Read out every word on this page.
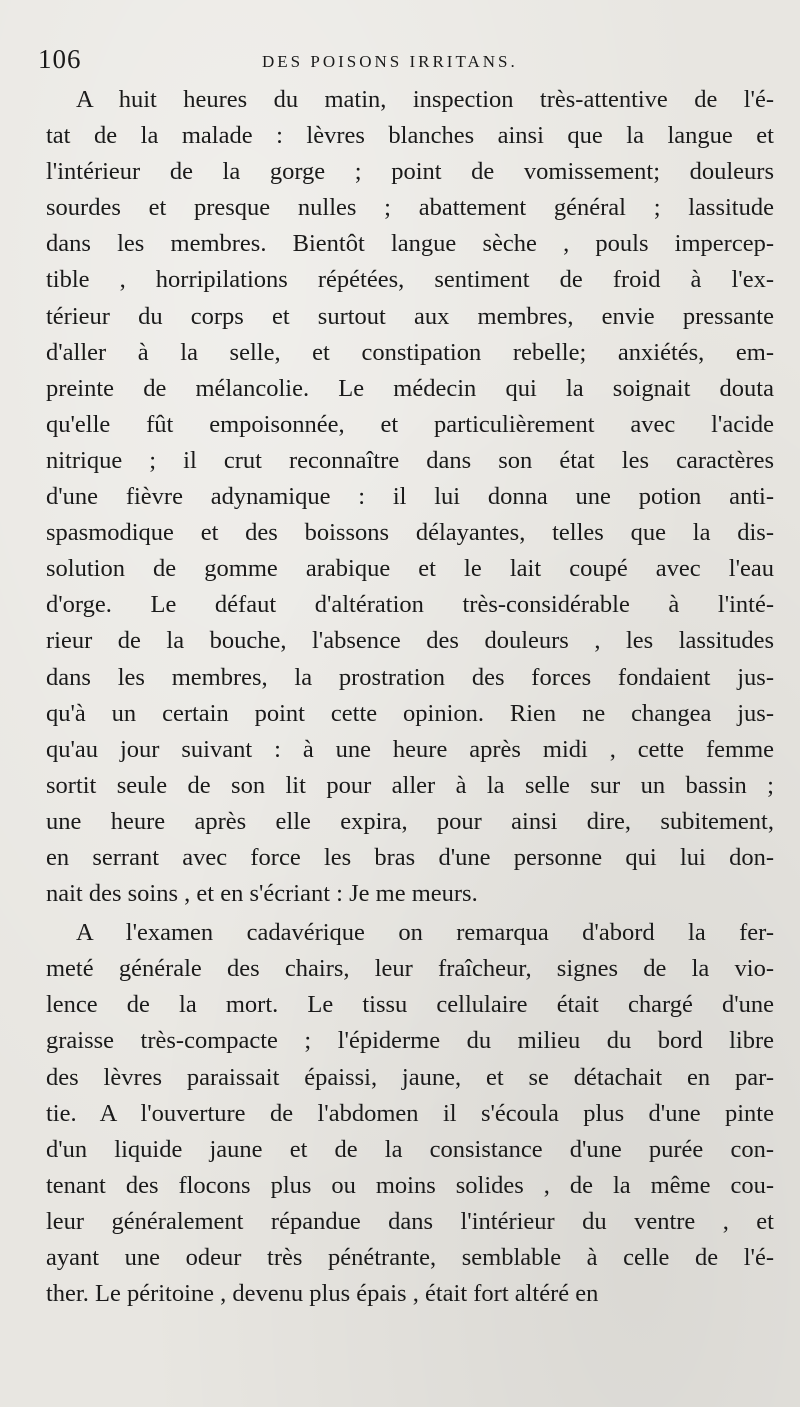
106	DES POISONS IRRITANS.
A huit heures du matin, inspection très-attentive de l'é-
tat de la malade : lèvres blanches ainsi que la langue et
l'intérieur de la gorge ; point de vomissement; douleurs
sourdes et presque nulles ; abattement général ; lassitude
dans les membres. Bientôt langue sèche , pouls impercep-
tible , horripilations répétées, sentiment de froid à l'ex-
térieur du corps et surtout aux membres, envie pressante
d'aller à la selle, et constipation rebelle; anxiétés, em-
preinte de mélancolie. Le médecin qui la soignait douta
qu'elle fût empoisonnée, et particulièrement avec l'acide
nitrique ; il crut reconnaître dans son état les caractères
d'une fièvre adynamique : il lui donna une potion anti-
spasmodique et des boissons délayantes, telles que la dis-
solution de gomme arabique et le lait coupé avec l'eau
d'orge. Le défaut d'altération très-considérable à l'inté-
rieur de la bouche, l'absence des douleurs , les lassitudes
dans les membres, la prostration des forces fondaient jus-
qu'à un certain point cette opinion. Rien ne changea jus-
qu'au jour suivant : à une heure après midi , cette femme
sortit seule de son lit pour aller à la selle sur un bassin ;
une heure après elle expira, pour ainsi dire, subitement,
en serrant avec force les bras d'une personne qui lui don-
nait des soins , et en s'écriant : Je me meurs.
A l'examen cadavérique on remarqua d'abord la fer-
meté générale des chairs, leur fraîcheur, signes de la vio-
lence de la mort. Le tissu cellulaire était chargé d'une
graisse très-compacte ; l'épiderme du milieu du bord libre
des lèvres paraissait épaissi, jaune, et se détachait en par-
tie. A l'ouverture de l'abdomen il s'écoula plus d'une pinte
d'un liquide jaune et de la consistance d'une purée con-
tenant des flocons plus ou moins solides , de la même cou-
leur généralement répandue dans l'intérieur du ventre , et
ayant une odeur très pénétrante, semblable à celle de l'é-
ther. Le péritoine , devenu plus épais , était fort altéré en
